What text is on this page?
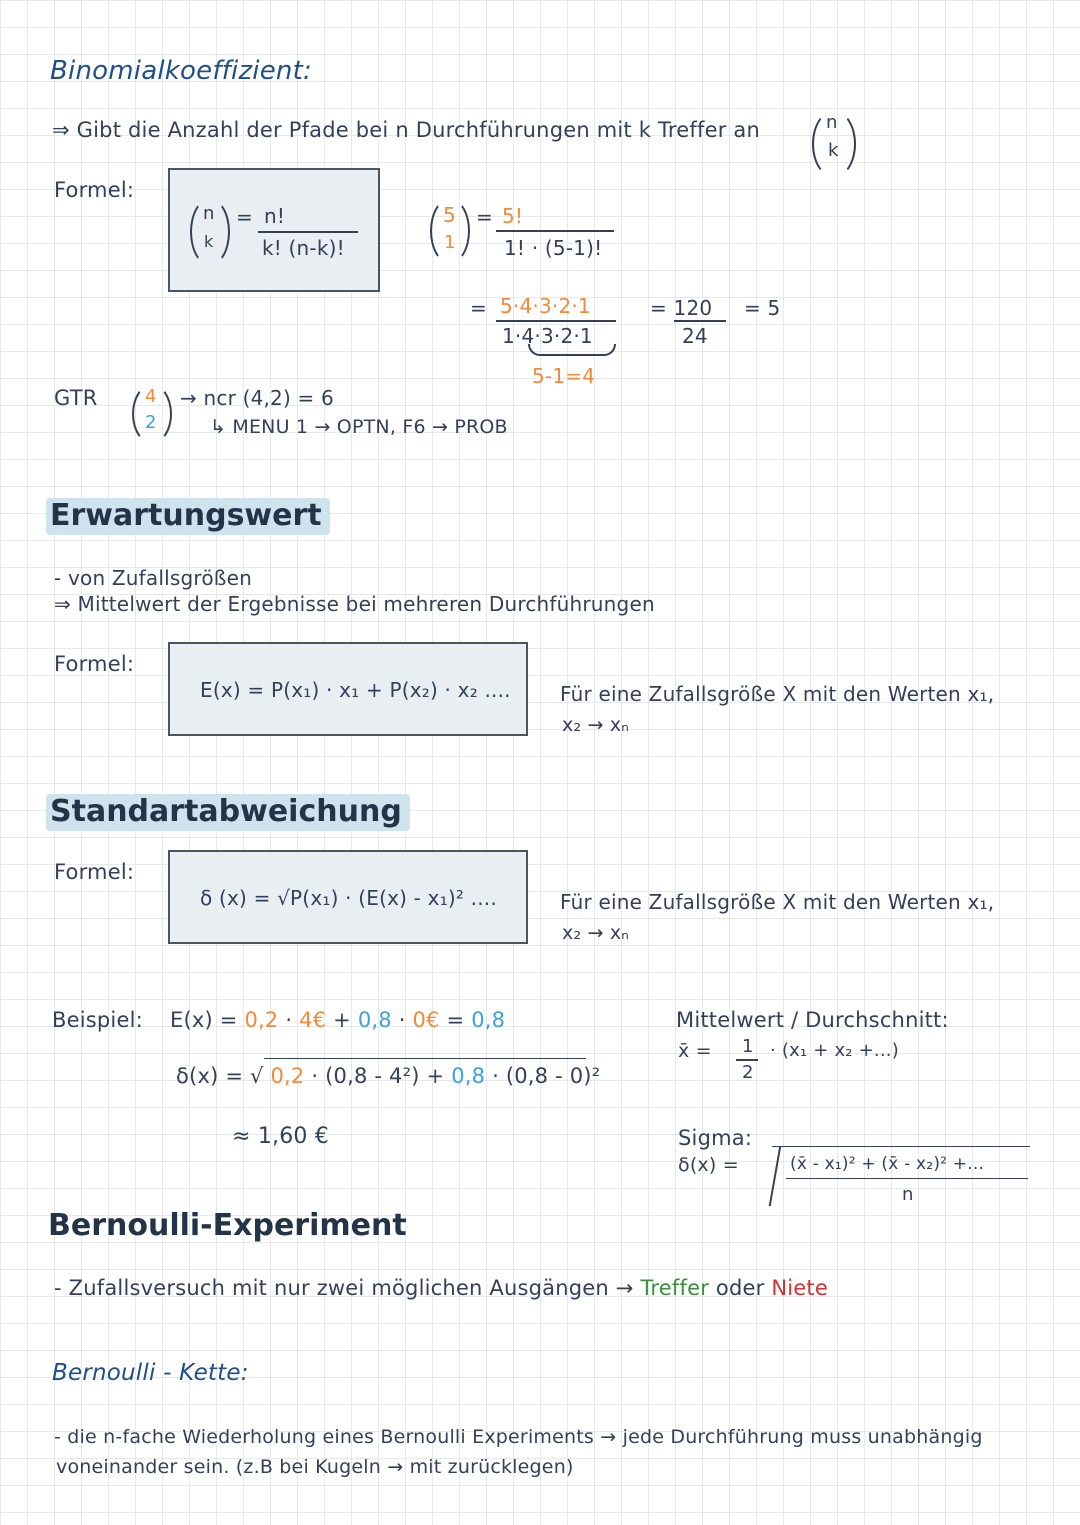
Binomialkoeffizient:
⇒ Gibt die Anzahl der Pfade bei n Durchführungen mit k Treffer an	n
k
Formel:
n
k
= n!
k! (n-k)!
5
1
= 5!
1! · (5-1)!
= 5·4·3·2·1
1·4·3·2·1
5-1=4
= 120
24
= 5
GTR	4
2
→ ncr (4,2) = 6
↳ MENU 1 → OPTN, F6 → PROB
Erwartungswert
- von Zufallsgrößen
⇒ Mittelwert der Ergebnisse bei mehreren Durchführungen
Formel:
E(x) = P(x₁) · x₁ + P(x₂) · x₂ .... Für eine Zufallsgröße X mit den Werten x₁,
x₂ → xₙ
Standartabweichung
Formel:
δ (x) = √P(x₁) · (E(x) - x₁)² ....	Für eine Zufallsgröße X mit den Werten x₁,
x₂ → xₙ
Beispiel: E(x) = 0,2 · 4€ + 0,8 · 0€ = 0,8
δ(x) = √ 0,2 · (0,8 - 4²) + 0,8 · (0,8 - 0)²
≈ 1,60 €
Mittelwert / Durchschnitt:
x̄ = 1
2
· (x₁ + x₂ +...)
Sigma:
δ(x) =	(x̄ - x₁)² + (x̄ - x₂)² +...
n
Bernoulli-Experiment
- Zufallsversuch mit nur zwei möglichen Ausgängen → Treffer oder Niete
Bernoulli - Kette:
- die n-fache Wiederholung eines Bernoulli Experiments → jede Durchführung muss unabhängig
voneinander sein. (z.B bei Kugeln → mit zurücklegen)
